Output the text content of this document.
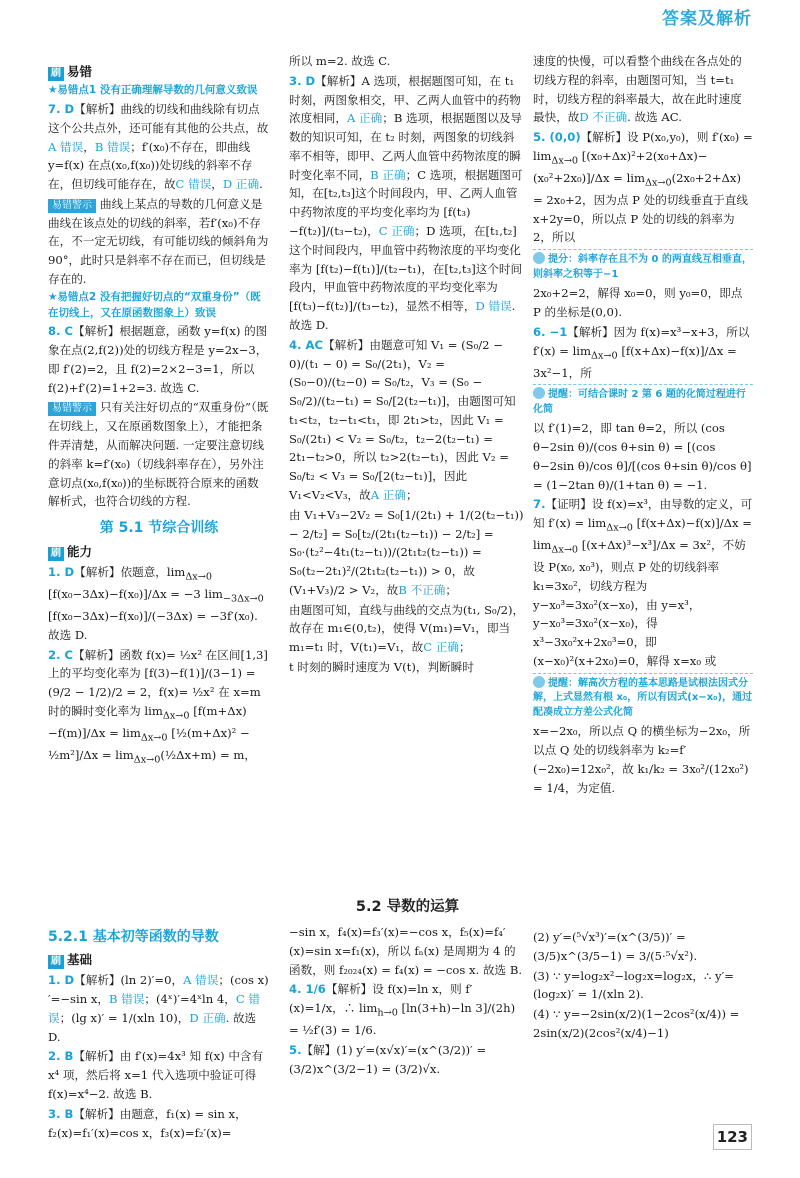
答案及解析

刷 易错

★易错点1 没有正确理解导数的几何意义致误

7. D【解析】曲线的切线和曲线除有切点这个公共点外，还可能有其他的公共点，故A 错误，B 错误；f′(x₀)不存在，即曲线 y=f(x) 在点(x₀,f(x₀))处切线的斜率不存在，但切线可能存在，故C 错误，D 正确.

易错警示 曲线上某点的导数的几何意义是曲线在该点处的切线的斜率，若f′(x₀)不存在，不一定无切线，有可能切线的倾斜角为90°，此时只是斜率不存在而已，但切线是存在的.

★易错点2 没有把握好切点的“双重身份”（既在切线上，又在原函数图象上）致误

8. C【解析】根据题意，函数 y=f(x) 的图象在点(2,f(2))处的切线方程是 y=2x−3，即 f′(2)=2，且 f(2)=2×2−3=1，所以 f(2)+f′(2)=1+2=3. 故选 C.

易错警示 只有关注好切点的“双重身份”（既在切线上，又在原函数图象上），才能把条件弄清楚，从而解决问题. 一定要注意切线的斜率 k=f′(x₀)（切线斜率存在），另外注意切点(x₀,f(x₀))的坐标既符合原来的函数解析式，也符合切线的方程.

第 5.1 节综合训练

刷 能力

1. D【解析】依题意，$\lim_{\Delta x\to 0} [f(x_0-3\Delta x)-f(x_0)]/\Delta x = -3$ $\lim_{-3\Delta x\to 0} [f(x_0-3\Delta x)-f(x_0)]/(-3\Delta x) = -3f'(x_0)$. 故选 D.

2. C【解析】函数 f(x)= ½x² 在区间[1,3]上的平均变化率为 [f(3)−f(1)]/(3−1) = (9/2 − 1/2)/2 = 2，f(x)= ½x² 在 x=m 时的瞬时变化率为 $\lim_{\Delta x\to 0} [f(m+\Delta x)-f(m)]/\Delta x = \lim_{\Delta x\to 0}$ [½(m+Δx)² − ½m²]/Δx = $\lim_{\Delta x\to 0}(\frac{1}{2}\Delta x+m) = m$，

所以 m=2. 故选 C.

3. D【解析】A 选项，根据题图可知，在 t₁ 时刻，两图象相交，甲、乙两人血管中的药物浓度相同，A 正确；B 选项，根据题图以及导数的知识可知，在 t₂ 时刻，两图象的切线斜率不相等，即甲、乙两人血管中药物浓度的瞬时变化率不同，B 正确；C 选项，根据题图可知，在[t₂,t₃]这个时间段内，甲、乙两人血管中药物浓度的平均变化率均为 [f(t₃)−f(t₂)]/(t₃−t₂)，C 正确；D 选项，在[t₁,t₂]这个时间段内，甲血管中药物浓度的平均变化率为 [f(t₂)−f(t₁)]/(t₂−t₁)，在[t₂,t₃]这个时间段内，甲血管中药物浓度的平均变化率为 [f(t₃)−f(t₂)]/(t₃−t₂)，显然不相等，D 错误. 故选 D.

4. AC【解析】由题意可知 V₁ = (S₀/2 − 0)/(t₁ − 0) = S₀/(2t₁)，V₂ = (S₀−0)/(t₂−0) = S₀/t₂，V₃ = (S₀ − S₀/2)/(t₂−t₁) = S₀/[2(t₂−t₁)]，由题图可知 t₁<t₂，t₂−t₁<t₁，即 2t₁>t₂，因此 V₁ = S₀/(2t₁) < V₂ = S₀/t₂，t₂−2(t₂−t₁) = 2t₁−t₂>0，所以 t₂>2(t₂−t₁)，因此 V₂ = S₀/t₂ < V₃ = S₀/[2(t₂−t₁)]，因此 V₁<V₂<V₃，故A 正确；

由 V₁+V₃−2V₂ = S₀[1/(2t₁) + 1/(2(t₂−t₁)) − 2/t₂] = S₀[t₂/(2t₁(t₂−t₁)) − 2/t₂] = S₀·(t₂²−4t₁(t₂−t₁))/(2t₁t₂(t₂−t₁)) = S₀(t₂−2t₁)²/(2t₁t₂(t₂−t₁)) > 0，故 (V₁+V₃)/2 > V₂，故B 不正确；

由题图可知，直线与曲线的交点为(t₁, S₀/2)，故存在 m₁∈(0,t₂)，使得 V(m₁)=V₁，即当 m₁=t₁ 时，V(t₁)=V₁，故C 正确；

t 时刻的瞬时速度为 V(t)，判断瞬时

速度的快慢，可以看整个曲线在各点处的切线方程的斜率，由题图可知，当 t=t₁ 时，切线方程的斜率最大，故在此时速度最快，故D 不正确. 故选 AC.

5. (0,0)【解析】设 P(x₀,y₀)，则 $f'(x_0) = \lim_{\Delta x\to 0} [(x_0+\Delta x)^2+2(x_0+\Delta x)-(x_0^2+2x_0)]/\Delta x = \lim_{\Delta x\to 0}(2x_0+2+\Delta x) = 2x_0+2$，因为点 P 处的切线垂直于直线 x+2y=0，所以点 P 处的切线的斜率为 2，所以

提分：斜率存在且不为 0 的两直线互相垂直，则斜率之积等于−1

2x₀+2=2，解得 x₀=0，则 y₀=0，即点 P 的坐标是(0,0).

6. −1【解析】因为 f(x)=x³−x+3，所以 $f'(x) = \lim_{\Delta x\to 0} [f(x+\Delta x)-f(x)]/\Delta x = 3x^2-1$，所

提醒：可结合课时 2 第 6 题的化简过程进行化简

以 f′(1)=2，即 tan θ=2，所以 (cos θ−2sin θ)/(cos θ+sin θ) = [(cos θ−2sin θ)/cos θ]/[(cos θ+sin θ)/cos θ] = (1−2tan θ)/(1+tan θ) = −1.

7.【证明】设 f(x)=x³，由导数的定义，可知 $f'(x) = \lim_{\Delta x\to 0} [f(x+\Delta x)-f(x)]/\Delta x = \lim_{\Delta x\to 0} [(x+\Delta x)^3-x^3]/\Delta x = 3x^2$，不妨设 P(x₀, x₀³)，则点 P 处的切线斜率 k₁=3x₀²，切线方程为 y−x₀³=3x₀²(x−x₀)，由 y=x³，y−x₀³=3x₀²(x−x₀)，得 x³−3x₀²x+2x₀³=0，即(x−x₀)²(x+2x₀)=0，解得 x=x₀ 或

提醒：解高次方程的基本思路是试根法因式分解，上式显然有根 x₀，所以有因式(x−x₀)，通过配凑成立方差公式化简

x=−2x₀，所以点 Q 的横坐标为−2x₀，所以点 Q 处的切线斜率为 k₂=f′(−2x₀)=12x₀²，故 k₁/k₂ = 3x₀²/(12x₀²) = 1/4，为定值.

5.2 导数的运算
5.2.1 基本初等函数的导数

刷 基础

1. D【解析】(ln 2)′=0，A 错误；(cos x)′=−sin x，B 错误；(4ˣ)′=4ˣln 4，C 错误；(lg x)′ = 1/(xln 10)，D 正确. 故选 D.

2. B【解析】由 f′(x)=4x³ 知 f(x) 中含有 x⁴ 项，然后将 x=1 代入选项中验证可得 f(x)=x⁴−2. 故选 B.

3. B【解析】由题意，f₁(x) = sin x，f₂(x)=f₁′(x)=cos x，f₃(x)=f₂′(x)=

−sin x，f₄(x)=f₃′(x)=−cos x，f₅(x)=f₄′(x)=sin x=f₁(x)，所以 fₙ(x) 是周期为 4 的函数，则 f₂₀₂₄(x) = f₄(x) = −cos x. 故选 B.

4. 1/6【解析】设 f(x)=ln x，则 f′(x)=1/x，∴ $\lim_{h\to 0} [\ln(3+h)-\ln$ 3]/(2h) = ½f′(3) = 1/6.

5.【解】(1) y′=(x√x)′=(x^(3/2))′ = (3/2)x^(3/2−1) = (3/2)√x.

(2) y′=(⁵√x³)′=(x^(3/5))′ = (3/5)x^(3/5−1) = 3/(5·⁵√x²).

(3) ∵ y=log₂x²−log₂x=log₂x，∴ y′=(log₂x)′ = 1/(xln 2).

(4) ∵ y=−2sin(x/2)(1−2cos²(x/4)) = 2sin(x/2)(2cos²(x/4)−1)

123
